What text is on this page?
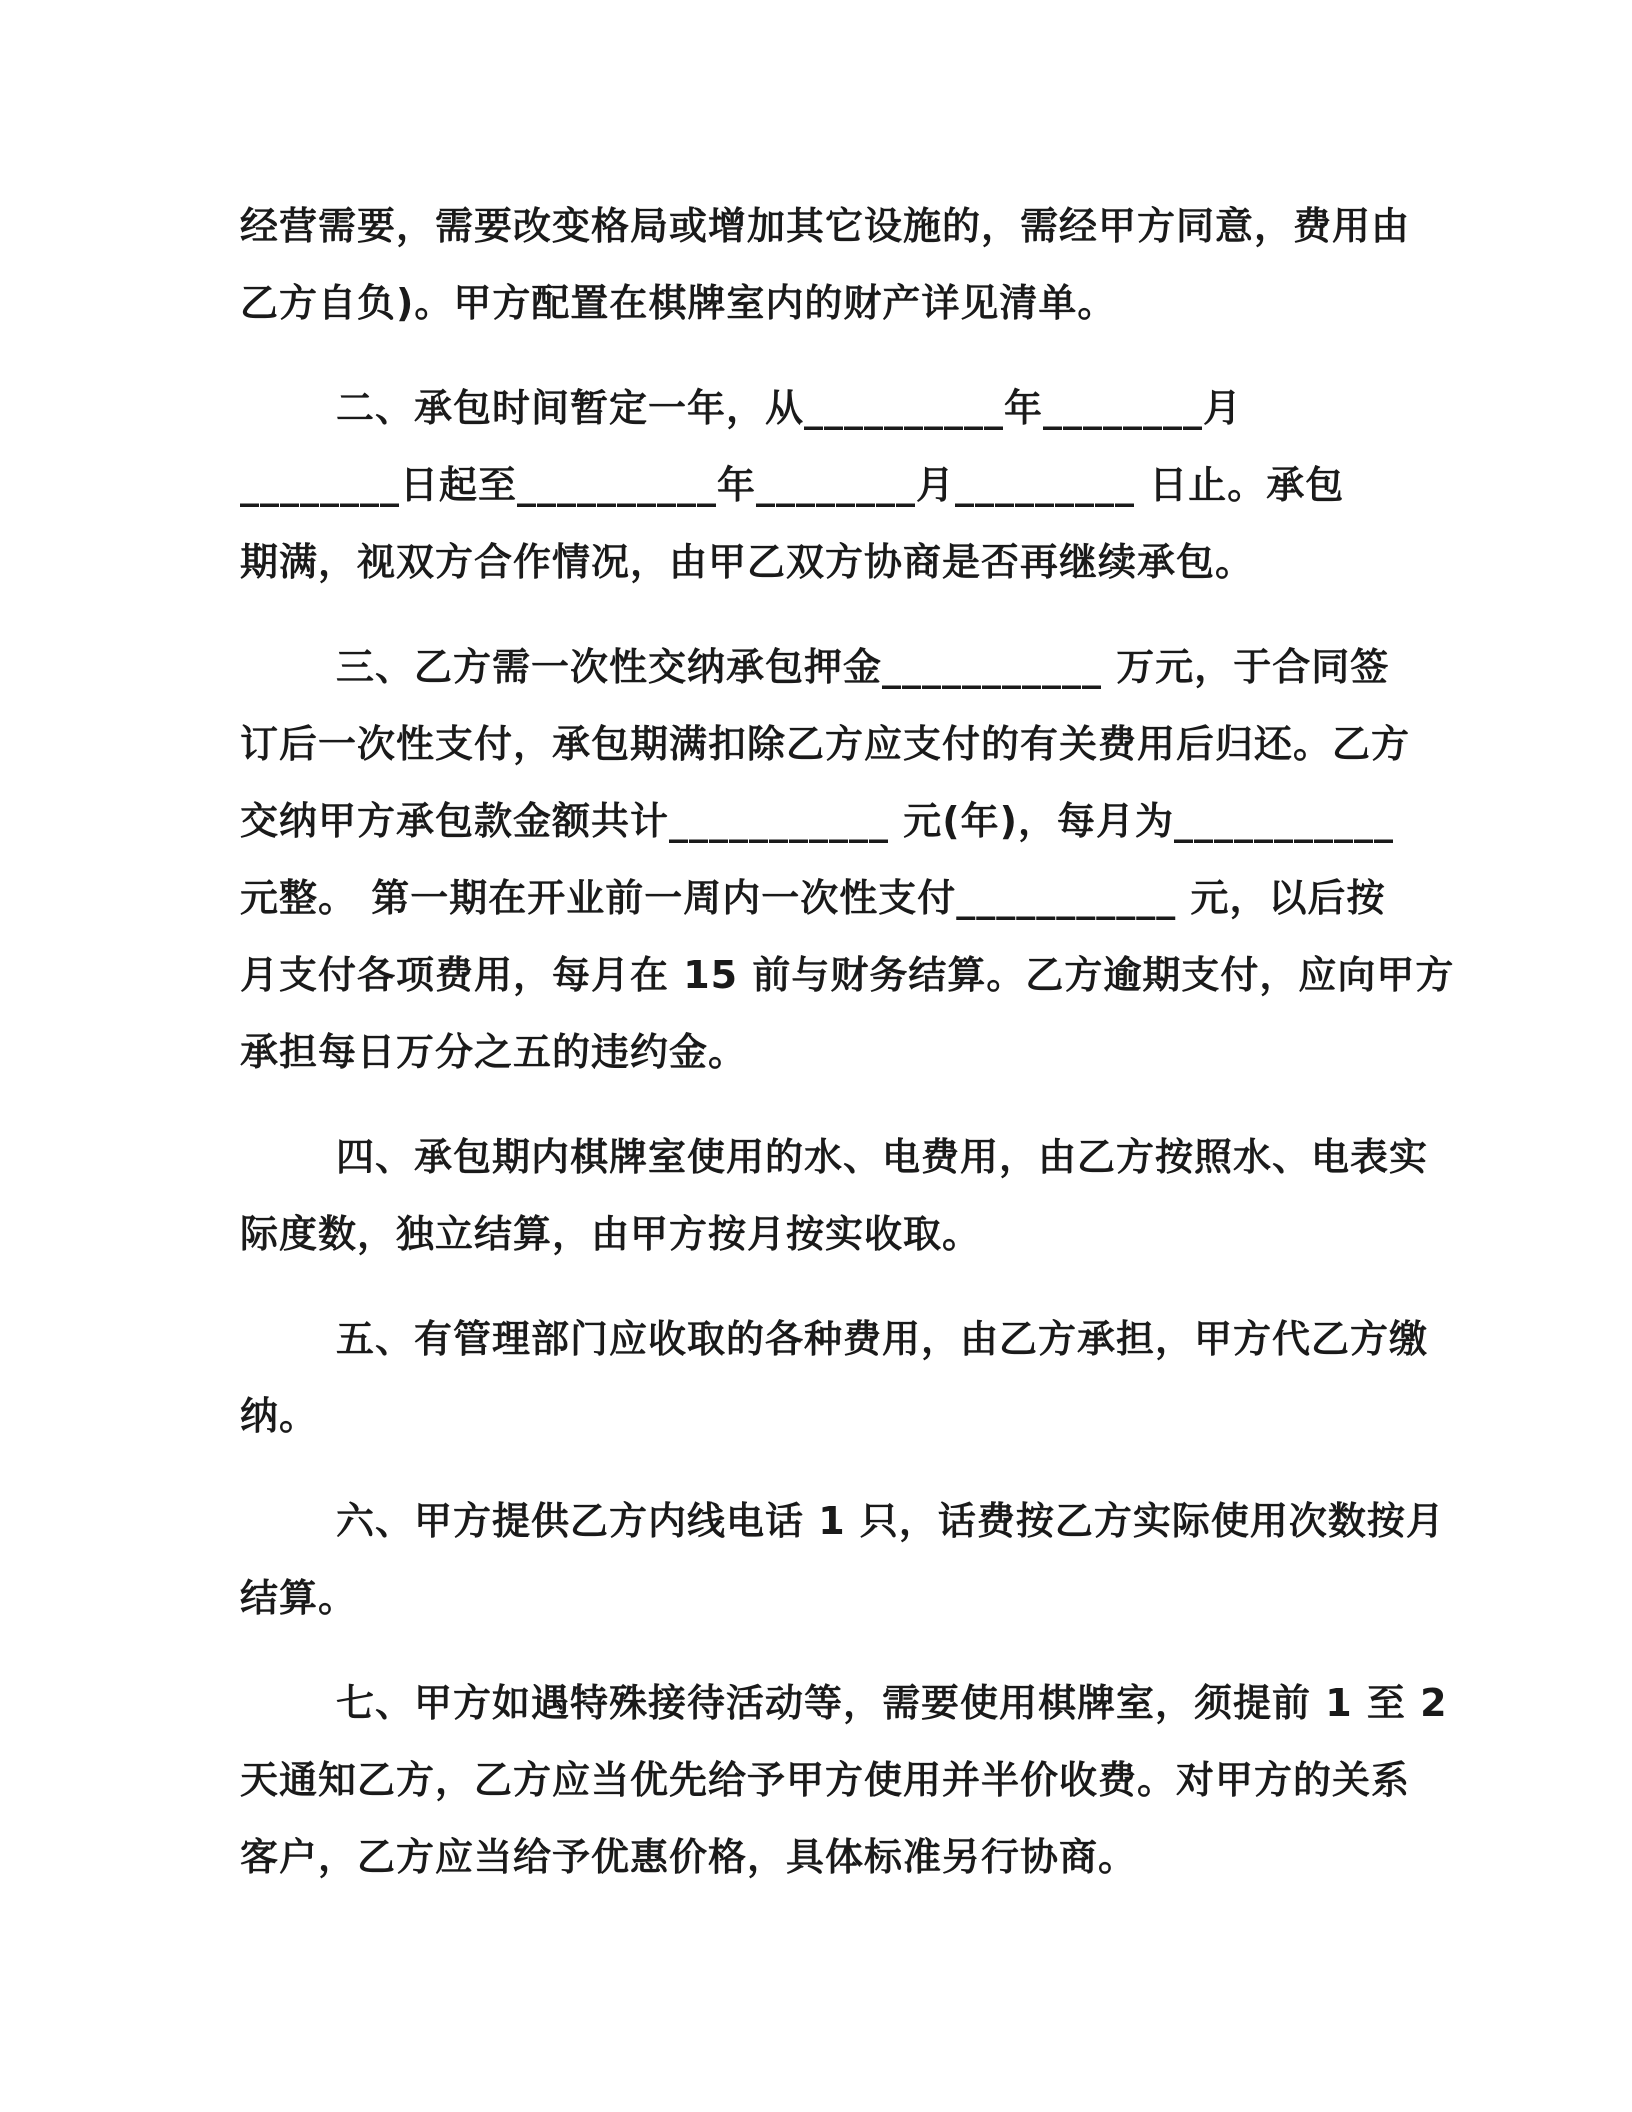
经营需要，需要改变格局或增加其它设施的，需经甲方同意，费用由
乙方自负)。甲方配置在棋牌室内的财产详见清单。
二、承包时间暂定一年，从__________年________月
________日起至__________年________月_________ 日止。承包
期满，视双方合作情况，由甲乙双方协商是否再继续承包。
三、乙方需一次性交纳承包押金___________ 万元，于合同签
订后一次性支付，承包期满扣除乙方应支付的有关费用后归还。乙方
交纳甲方承包款金额共计___________ 元(年)，每月为___________
元整。 第一期在开业前一周内一次性支付___________ 元，以后按
月支付各项费用，每月在 15 前与财务结算。乙方逾期支付，应向甲方
承担每日万分之五的违约金。
四、承包期内棋牌室使用的水、电费用，由乙方按照水、电表实
际度数，独立结算，由甲方按月按实收取。
五、有管理部门应收取的各种费用，由乙方承担，甲方代乙方缴
纳。
六、甲方提供乙方内线电话 1 只，话费按乙方实际使用次数按月
结算。
七、甲方如遇特殊接待活动等，需要使用棋牌室，须提前 1 至 2
天通知乙方，乙方应当优先给予甲方使用并半价收费。对甲方的关系
客户，乙方应当给予优惠价格，具体标准另行协商。
